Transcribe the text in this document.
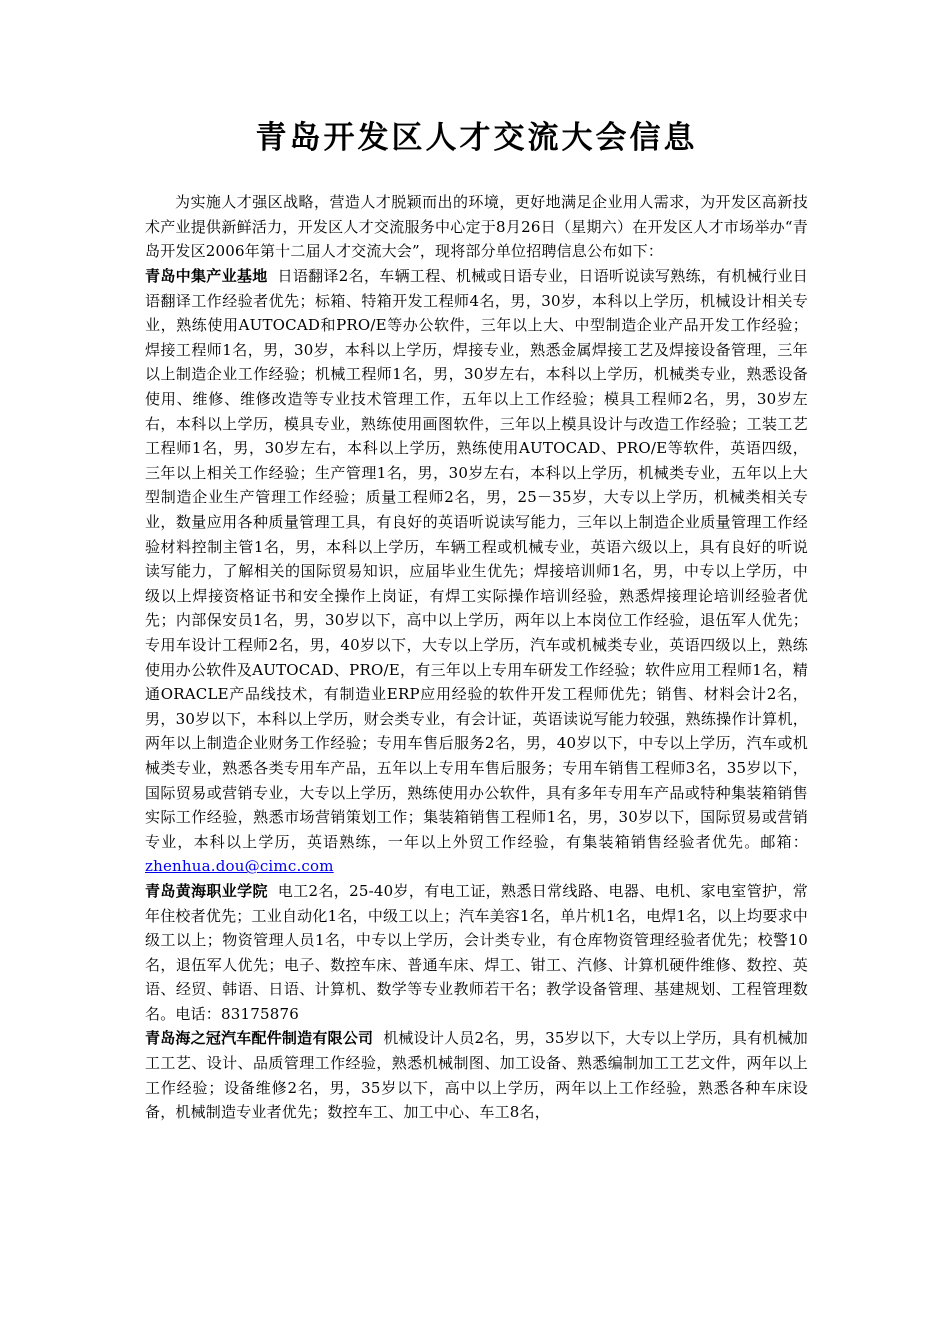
青岛开发区人才交流大会信息

为实施人才强区战略，营造人才脱颖而出的环境，更好地满足企业用人需求，为开发区高新技术产业提供新鲜活力，开发区人才交流服务中心定于8月26日（星期六）在开发区人才市场举办“青岛开发区2006年第十二届人才交流大会”，现将部分单位招聘信息公布如下：

青岛中集产业基地 日语翻译2名，车辆工程、机械或日语专业，日语听说读写熟练，有机械行业日语翻译工作经验者优先；标箱、特箱开发工程师4名，男，30岁，本科以上学历，机械设计相关专业，熟练使用AUTOCAD和PRO/E等办公软件，三年以上大、中型制造企业产品开发工作经验；焊接工程师1名，男，30岁，本科以上学历，焊接专业，熟悉金属焊接工艺及焊接设备管理，三年以上制造企业工作经验；机械工程师1名，男，30岁左右，本科以上学历，机械类专业，熟悉设备使用、维修、维修改造等专业技术管理工作，五年以上工作经验；模具工程师2名，男，30岁左右，本科以上学历，模具专业，熟练使用画图软件，三年以上模具设计与改造工作经验；工装工艺工程师1名，男，30岁左右，本科以上学历，熟练使用AUTOCAD、PRO/E等软件，英语四级，三年以上相关工作经验；生产管理1名，男，30岁左右，本科以上学历，机械类专业，五年以上大型制造企业生产管理工作经验；质量工程师2名，男，25－35岁，大专以上学历，机械类相关专业，数量应用各种质量管理工具，有良好的英语听说读写能力，三年以上制造企业质量管理工作经验材料控制主管1名，男，本科以上学历，车辆工程或机械专业，英语六级以上，具有良好的听说读写能力，了解相关的国际贸易知识，应届毕业生优先；焊接培训师1名，男，中专以上学历，中级以上焊接资格证书和安全操作上岗证，有焊工实际操作培训经验，熟悉焊接理论培训经验者优先；内部保安员1名，男，30岁以下，高中以上学历，两年以上本岗位工作经验，退伍军人优先；专用车设计工程师2名，男，40岁以下，大专以上学历，汽车或机械类专业，英语四级以上，熟练使用办公软件及AUTOCAD、PRO/E，有三年以上专用车研发工作经验；软件应用工程师1名，精通ORACLE产品线技术，有制造业ERP应用经验的软件开发工程师优先；销售、材料会计2名，男，30岁以下，本科以上学历，财会类专业，有会计证，英语读说写能力较强，熟练操作计算机，两年以上制造企业财务工作经验；专用车售后服务2名，男，40岁以下，中专以上学历，汽车或机械类专业，熟悉各类专用车产品，五年以上专用车售后服务；专用车销售工程师3名，35岁以下，国际贸易或营销专业，大专以上学历，熟练使用办公软件，具有多年专用车产品或特种集装箱销售实际工作经验，熟悉市场营销策划工作；集装箱销售工程师1名，男，30岁以下，国际贸易或营销专业，本科以上学历，英语熟练，一年以上外贸工作经验，有集装箱销售经验者优先。邮箱：zhenhua.dou@cimc.com

青岛黄海职业学院 电工2名，25-40岁，有电工证，熟悉日常线路、电器、电机、家电室管护，常年住校者优先；工业自动化1名，中级工以上；汽车美容1名，单片机1名，电焊1名，以上均要求中级工以上；物资管理人员1名，中专以上学历，会计类专业，有仓库物资管理经验者优先；校警10名，退伍军人优先；电子、数控车床、普通车床、焊工、钳工、汽修、计算机硬件维修、数控、英语、经贸、韩语、日语、计算机、数学等专业教师若干名；教学设备管理、基建规划、工程管理数名。电话：83175876

青岛海之冠汽车配件制造有限公司 机械设计人员2名，男，35岁以下，大专以上学历，具有机械加工工艺、设计、品质管理工作经验，熟悉机械制图、加工设备、熟悉编制加工工艺文件，两年以上工作经验；设备维修2名，男，35岁以下，高中以上学历，两年以上工作经验，熟悉各种车床设备，机械制造专业者优先；数控车工、加工中心、车工8名，
